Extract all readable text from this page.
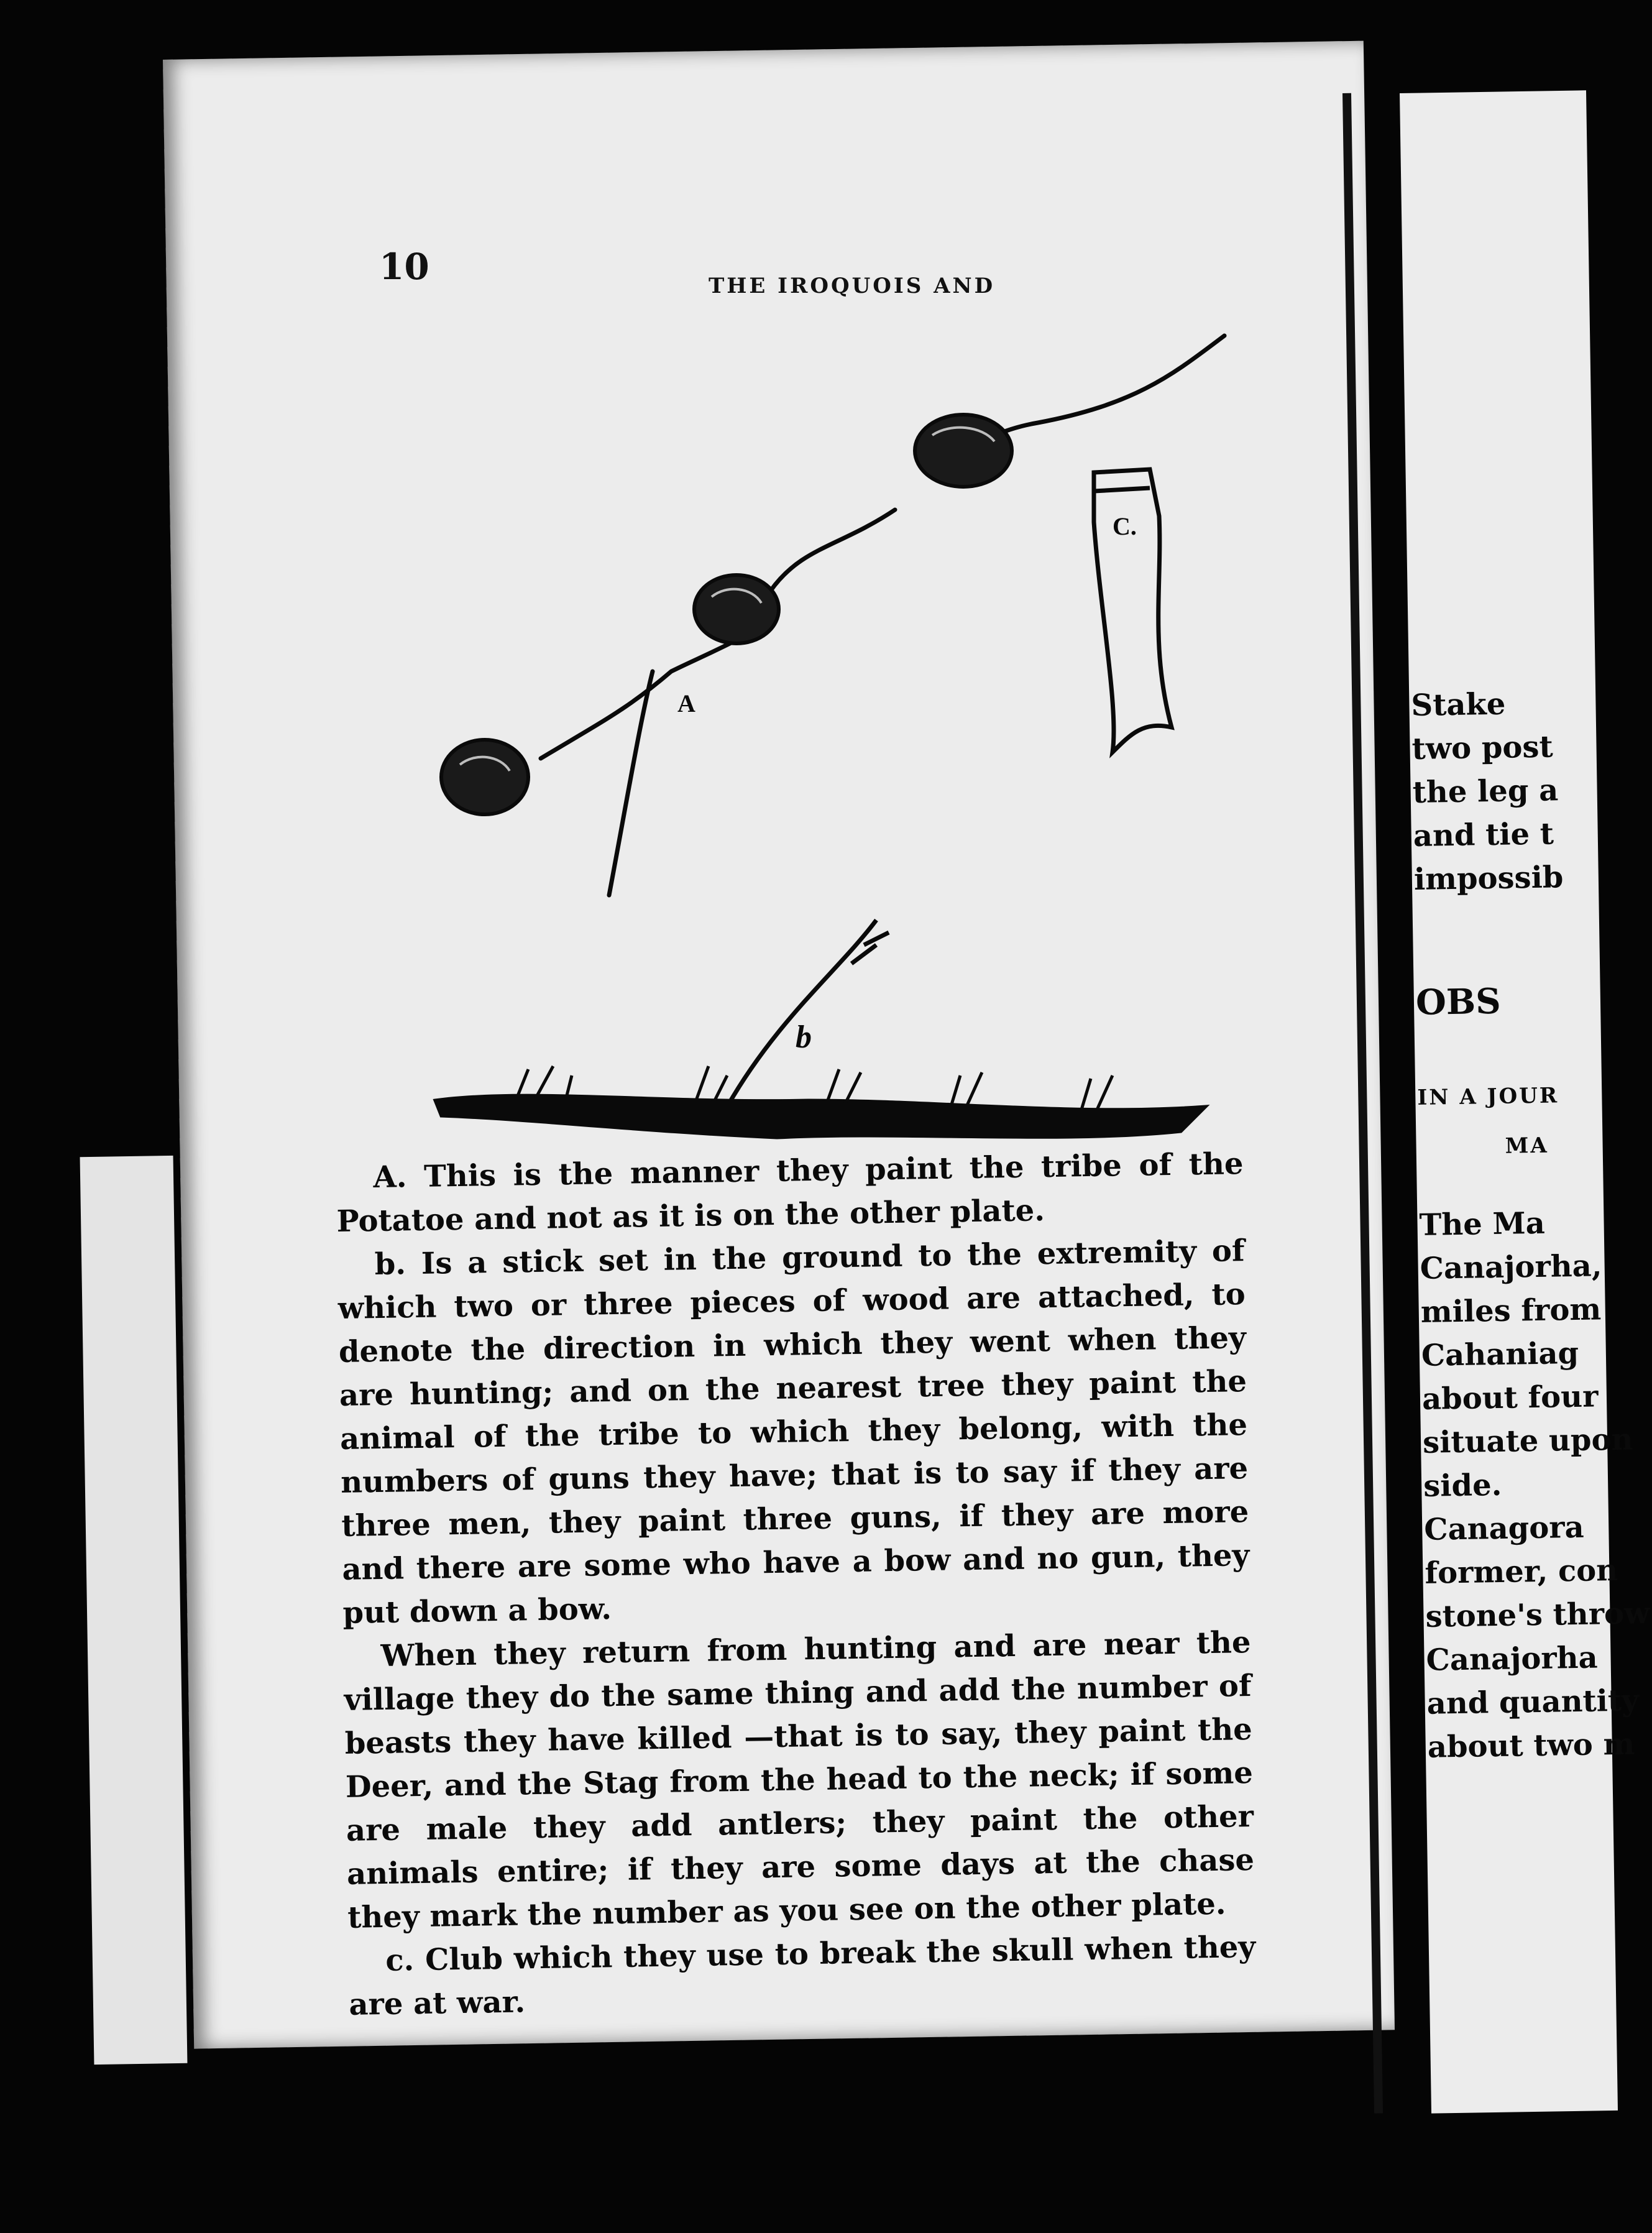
10	THE IROQUOIS AND
A
b
C.

A. This is the manner they paint the tribe of the Potatoe and not as it is on the other plate.

b. Is a stick set in the ground to the extremity of which two or three pieces of wood are attached, to denote the direction in which they went when they are hunting; and on the nearest tree they paint the animal of the tribe to which they belong, with the numbers of guns they have; that is to say if they are three men, they paint three guns, if they are more and there are some who have a bow and no gun, they put down a bow.

When they return from hunting and are near the village they do the same thing and add the number of beasts they have killed —that is to say, they paint the Deer, and the Stag from the head to the neck; if some are male they add antlers; they paint the other animals entire; if they are some days at the chase they mark the number as you see on the other plate.

c. Club which they use to break the skull when they are at war.

Stake
two post
the leg a
and tie t
impossib
OBS
IN A JOUR
MA
The Ma
Canajorha,
miles from
Cahaniag
about four
situate upon
side.
Canagora
former, con
stone's throw
Canajorha
and quantity
about two m
